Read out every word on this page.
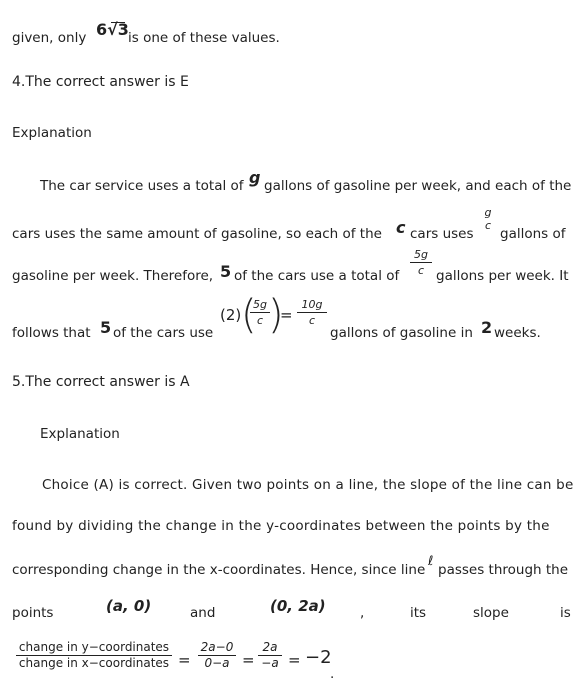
given, only 6√3 is one of these values.
4.The correct answer is E
Explanation
The car service uses a total of g gallons of gasoline per week, and each of the
cars uses the same amount of gasoline, so each of the c cars uses
g
c
gallons of
gasoline per week. Therefore, 5 of the cars use a total of
5g
c gallons per week. It
follows that 5 of the cars use
(2) (
5g
c )
=
10g
c
gallons of gasoline in 2 weeks.
5.The correct answer is A
Explanation
Choice (A) is correct. Given two points on a line, the slope of the line can be
found by dividing the change in the y-coordinates between the points by the
corresponding change in the x-coordinates. Hence, since line
ℓ
passes through the
points	(a, 0)	and	(0, 2a)	,	its	slope	is
change in y−coordinates
change in x−coordinates =
2a−0
0−a =
2a
−a = −2
.
